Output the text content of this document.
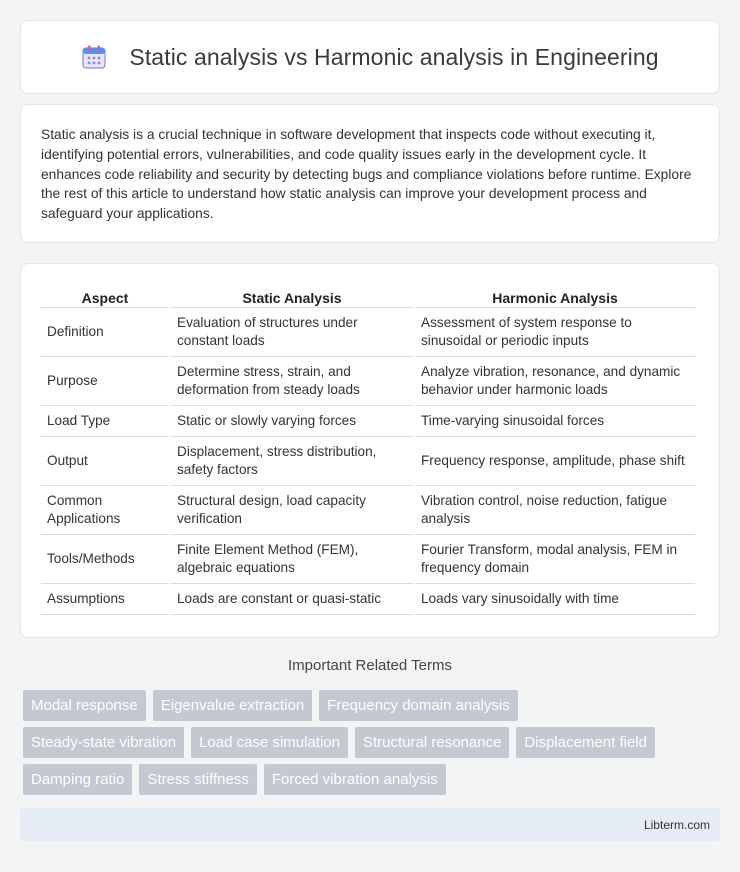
Static analysis vs Harmonic analysis in Engineering

Static analysis is a crucial technique in software development that inspects code without executing it, identifying potential errors, vulnerabilities, and code quality issues early in the development cycle. It enhances code reliability and security by detecting bugs and compliance violations before runtime. Explore the rest of this article to understand how static analysis can improve your development process and safeguard your applications.

Aspect	Static Analysis	Harmonic Analysis
Definition	Evaluation of structures under constant loads	Assessment of system response to sinusoidal or periodic inputs
Purpose	Determine stress, strain, and deformation from steady loads	Analyze vibration, resonance, and dynamic behavior under harmonic loads
Load Type	Static or slowly varying forces	Time-varying sinusoidal forces
Output	Displacement, stress distribution, safety factors	Frequency response, amplitude, phase shift
Common Applications	Structural design, load capacity verification	Vibration control, noise reduction, fatigue analysis
Tools/Methods	Finite Element Method (FEM), algebraic equations	Fourier Transform, modal analysis, FEM in frequency domain
Assumptions	Loads are constant or quasi-static	Loads vary sinusoidally with time
Important Related Terms
Modal response	Eigenvalue extraction	Frequency domain analysis
Steady-state vibration	Load case simulation	Structural resonance	Displacement field
Damping ratio	Stress stiffness	Forced vibration analysis
Libterm.com
